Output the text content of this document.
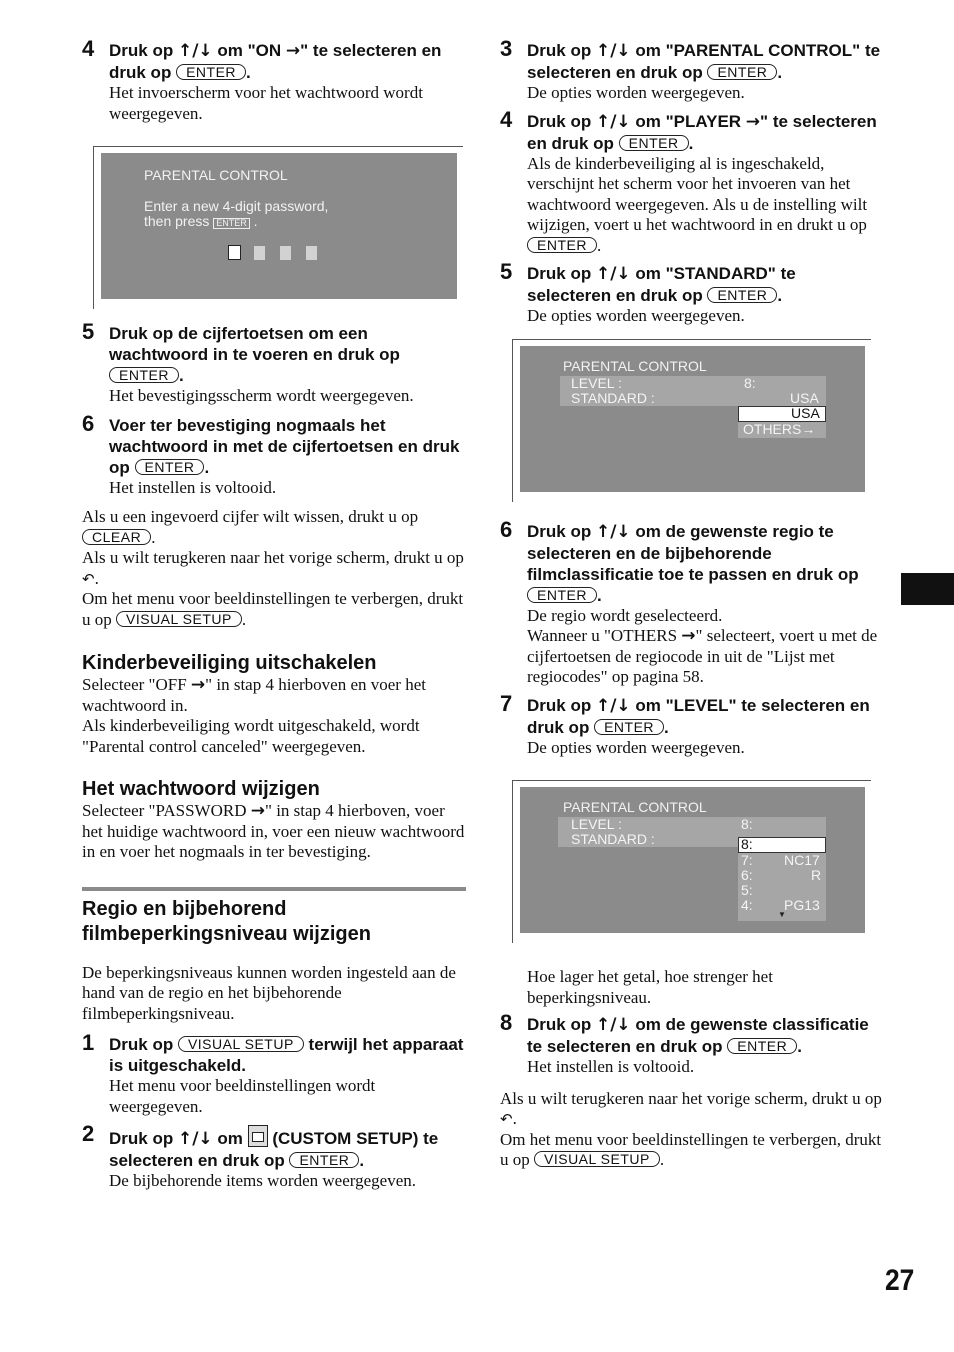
4 Druk op ↑/↓ om "ON →" te selecteren en druk op ENTER .

Het invoerscherm voor het wachtwoord wordt weergegeven.

PARENTAL CONTROL
Enter a new 4-digit password,
then press ENTER .
5 Druk op de cijfertoetsen om een wachtwoord in te voeren en druk op ENTER .

Het bevestigingsscherm wordt weergegeven.

6 Voer ter bevestiging nogmaals het wachtwoord in met de cijfertoetsen en druk op ENTER .

Het instellen is voltooid.

Als u een ingevoerd cijfer wilt wissen, drukt u op CLEAR .

Als u wilt terugkeren naar het vorige scherm, drukt u op ↶.

Om het menu voor beeldinstellingen te verbergen, drukt u op VISUAL SETUP .

Kinderbeveiliging uitschakelen

Selecteer "OFF →" in stap 4 hierboven en voer het wachtwoord in.

Als kinderbeveiliging wordt uitgeschakeld, wordt "Parental control canceled" weergegeven.

Het wachtwoord wijzigen

Selecteer "PASSWORD →" in stap 4 hierboven, voer het huidige wachtwoord in, voer een nieuw wachtwoord in en voer het nogmaals in ter bevestiging.

Regio en bijbehorend filmbeperkingsniveau wijzigen

De beperkingsniveaus kunnen worden ingesteld aan de hand van de regio en het bijbehorende filmbeperkingsniveau.

1 Druk op VISUAL SETUP terwijl het apparaat is uitgeschakeld.

Het menu voor beeldinstellingen wordt weergegeven.

2 Druk op ↑/↓ om  (CUSTOM SETUP) te selecteren en druk op ENTER .

De bijbehorende items worden weergegeven.

3 Druk op ↑/↓ om "PARENTAL CONTROL" te selecteren en druk op ENTER .

De opties worden weergegeven.

4 Druk op ↑/↓ om "PLAYER →" te selecteren en druk op ENTER .

Als de kinderbeveiliging al is ingeschakeld, verschijnt het scherm voor het invoeren van het wachtwoord weergegeven. Als u de instelling wilt wijzigen, voert u het wachtwoord in en drukt u op ENTER .

5 Druk op ↑/↓ om "STANDARD" te selecteren en druk op ENTER .

De opties worden weergegeven.

PARENTAL CONTROL
LEVEL :	8:
STANDARD :	USA
USA
OTHERS→
6 Druk op ↑/↓ om de gewenste regio te selecteren en de bijbehorende filmclassificatie toe te passen en druk op ENTER .

De regio wordt geselecteerd.

Wanneer u "OTHERS →" selecteert, voert u met de cijfertoetsen de regiocode in uit de "Lijst met regiocodes" op pagina 58.

7 Druk op ↑/↓ om "LEVEL" te selecteren en druk op ENTER .

De opties worden weergegeven.

PARENTAL CONTROL
LEVEL :	8:
STANDARD :	8:
7: NC17
6:	R
5:
4: PG13
▼

Hoe lager het getal, hoe strenger het beperkingsniveau.

8 Druk op ↑/↓ om de gewenste classificatie te selecteren en druk op ENTER .

Het instellen is voltooid.

Als u wilt terugkeren naar het vorige scherm, drukt u op ↶.

Om het menu voor beeldinstellingen te verbergen, drukt u op VISUAL SETUP .

27
